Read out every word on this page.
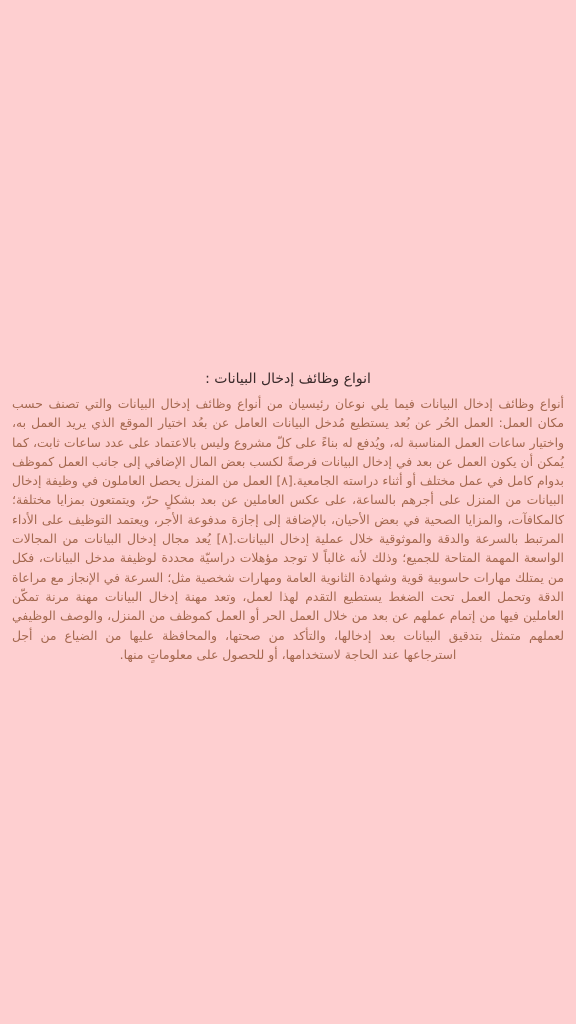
انواع وظائف إدخال البيانات :

أنواع وظائف إدخال البيانات فيما يلي نوعان رئيسيان من أنواع وظائف إدخال البيانات والتي تصنف حسب مكان العمل: العمل الحُر عن بُعد يستطيع مُدخل البيانات العامل عن بعُد اختيار الموقع الذي يريد العمل به، واختيار ساعات العمل المناسبة له، ويُدفع له بناءً على كلّ مشروع وليس بالاعتماد على عدد ساعات ثابت، كما يُمكن أن يكون العمل عن بعد في إدخال البيانات فرصةً لكسب بعض المال الإضافي إلى جانب العمل كموظف بدوام كامل في عمل مختلف أو أثناء دراسته الجامعية.[٨] العمل من المنزل يحصل العاملون في وظيفة إدخال البيانات من المنزل على أجرهم بالساعة، على عكس العاملين عن بعد بشكلٍ حرّ، ويتمتعون بمزايا مختلفة؛ كالمكافآت، والمزايا الصحية في بعض الأحيان، بالإضافة إلى إجازة مدفوعة الأجر، ويعتمد التوظيف على الأداء المرتبط بالسرعة والدقة والموثوقية خلال عملية إدخال البيانات.[٨] يُعد مجال إدخال البيانات من المجالات الواسعة المهمة المتاحة للجميع؛ وذلك لأنه غالباً لا توجد مؤهلات دراسيّة محددة لوظيفة مدخل البيانات، فكل من يمتلك مهارات حاسوبية قوية وشهادة الثانوية العامة ومهارات شخصية مثل؛ السرعة في الإنجاز مع مراعاة الدقة وتحمل العمل تحت الضغط يستطيع التقدم لهذا لعمل، وتعد مهنة إدخال البيانات مهنة مرنة تمكّن العاملين فيها من إتمام عملهم عن بعد من خلال العمل الحر أو العمل كموظف من المنزل، والوصف الوظيفي لعملهم متمثل بتدقيق البيانات بعد إدخالها، والتأكد من صحتها، والمحافظة عليها من الضياع من أجل استرجاعها عند الحاجة لاستخدامها، أو للحصول على معلوماتٍ منها.
